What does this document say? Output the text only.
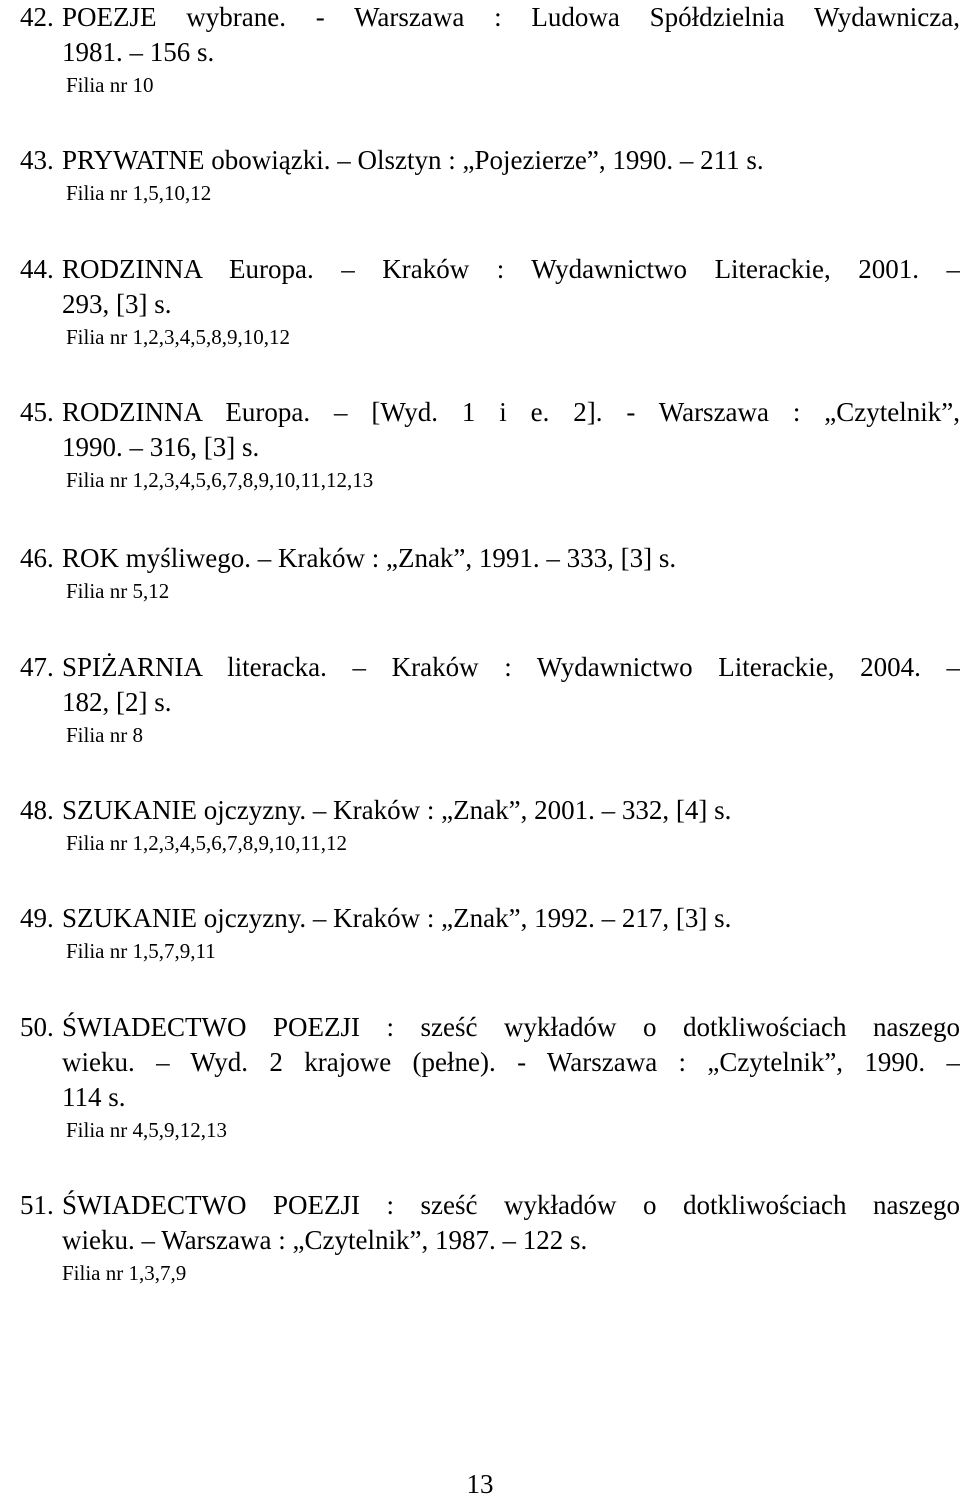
42. POEZJE wybrane. - Warszawa : Ludowa Spółdzielnia Wydawnicza,
1981. – 156 s.
Filia nr 10
43. PRYWATNE obowiązki. – Olsztyn : „Pojezierze”, 1990. – 211 s.
Filia nr 1,5,10,12
44. RODZINNA Europa. – Kraków : Wydawnictwo Literackie, 2001. –
293, [3] s.
Filia nr 1,2,3,4,5,8,9,10,12
45. RODZINNA Europa. – [Wyd. 1 i e. 2]. - Warszawa : „Czytelnik”,
1990. – 316, [3] s.
Filia nr 1,2,3,4,5,6,7,8,9,10,11,12,13
46. ROK myśliwego. – Kraków : „Znak”, 1991. – 333, [3] s.
Filia nr 5,12
47. SPIŻARNIA literacka. – Kraków : Wydawnictwo Literackie, 2004. –
182, [2] s.
Filia nr 8
48. SZUKANIE ojczyzny. – Kraków : „Znak”, 2001. – 332, [4] s.
Filia nr 1,2,3,4,5,6,7,8,9,10,11,12
49. SZUKANIE ojczyzny. – Kraków : „Znak”, 1992. – 217, [3] s.
Filia nr 1,5,7,9,11
50. ŚWIADECTWO POEZJI : sześć wykładów o dotkliwościach naszego
wieku. – Wyd. 2 krajowe (pełne). - Warszawa : „Czytelnik”, 1990. –
114 s.
Filia nr 4,5,9,12,13
51. ŚWIADECTWO POEZJI : sześć wykładów o dotkliwościach naszego
wieku. – Warszawa : „Czytelnik”, 1987. – 122 s.
Filia nr 1,3,7,9
13
